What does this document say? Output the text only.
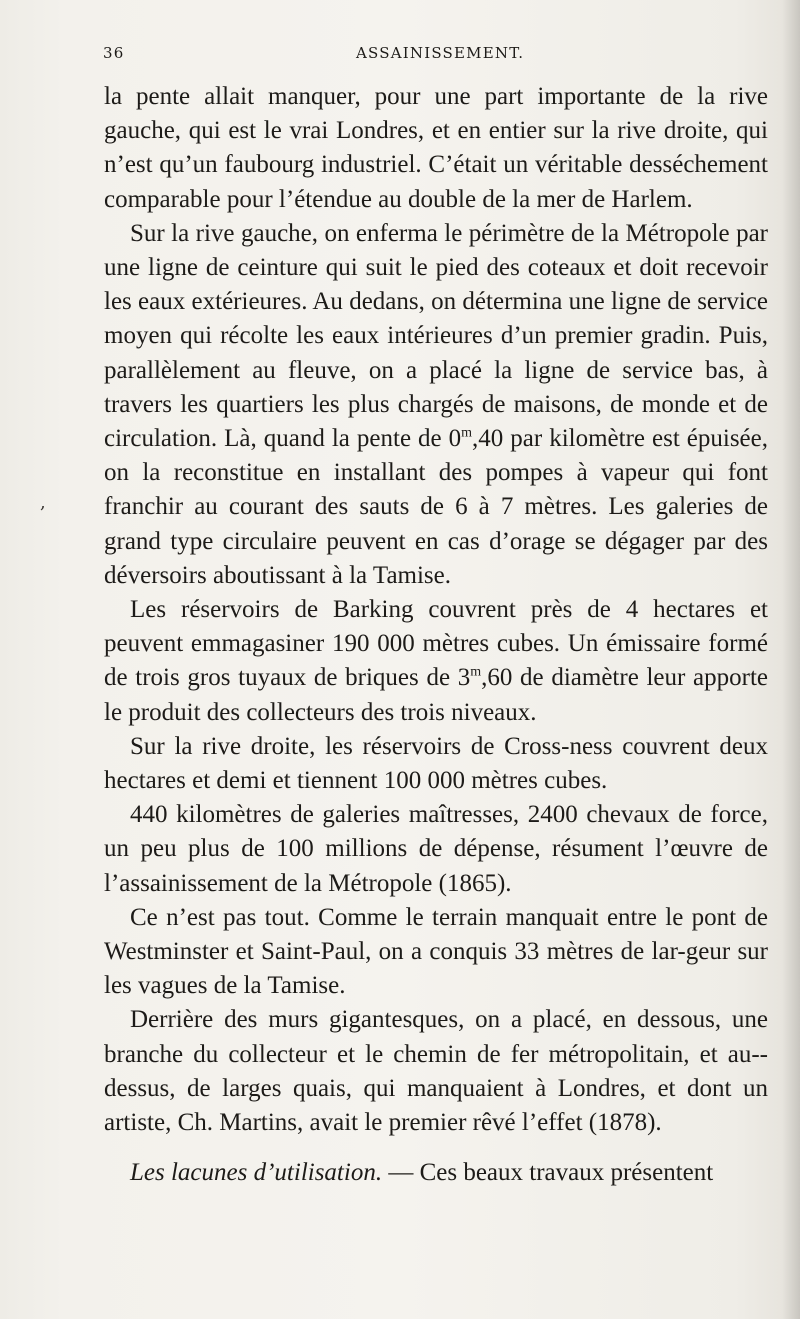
36	ASSAINISSEMENT.

la pente allait manquer, pour une part importante de la rive gauche, qui est le vrai Londres, et en entier sur la rive droite, qui n’est qu’un faubourg industriel. C’était un véritable desséchement comparable pour l’étendue au double de la mer de Harlem.

Sur la rive gauche, on enferma le périmètre de la Métropole par une ligne de ceinture qui suit le pied des coteaux et doit recevoir les eaux extérieures. Au dedans, on détermina une ligne de service moyen qui récolte les eaux intérieures d’un premier gradin. Puis, parallèlement au fleuve, on a placé la ligne de service bas, à travers les quartiers les plus chargés de maisons, de monde et de circulation. Là, quand la pente de 0$^m$,40 par kilomètre est épuisée, on la reconstitue en installant des pompes à vapeur qui font franchir au courant des sauts de 6 à 7 mètres. Les galeries de grand type circulaire peuvent en cas d’orage se dégager par des déversoirs aboutissant à la Tamise.

Les réservoirs de Barking couvrent près de 4 hectares et peuvent emmagasiner 190 000 mètres cubes. Un émissaire formé de trois gros tuyaux de briques de 3$^m$,60 de diamètre leur apporte le produit des collecteurs des trois niveaux.

Sur la rive droite, les réservoirs de Cross-ness couvrent deux hectares et demi et tiennent 100 000 mètres cubes.

440 kilomètres de galeries maîtresses, 2400 chevaux de force, un peu plus de 100 millions de dépense, résument l’œuvre de l’assainissement de la Métropole (1865).

Ce n’est pas tout. Comme le terrain manquait entre le pont de Westminster et Saint-Paul, on a conquis 33 mètres de lar-geur sur les vagues de la Tamise.

Derrière des murs gigantesques, on a placé, en dessous, une branche du collecteur et le chemin de fer métropolitain, et au-dessus, de larges quais, qui manquaient à Londres, et dont un artiste, Ch. Martins, avait le premier rêvé l’effet (1878).

Les lacunes d’utilisation. — Ces beaux travaux présentent

,
